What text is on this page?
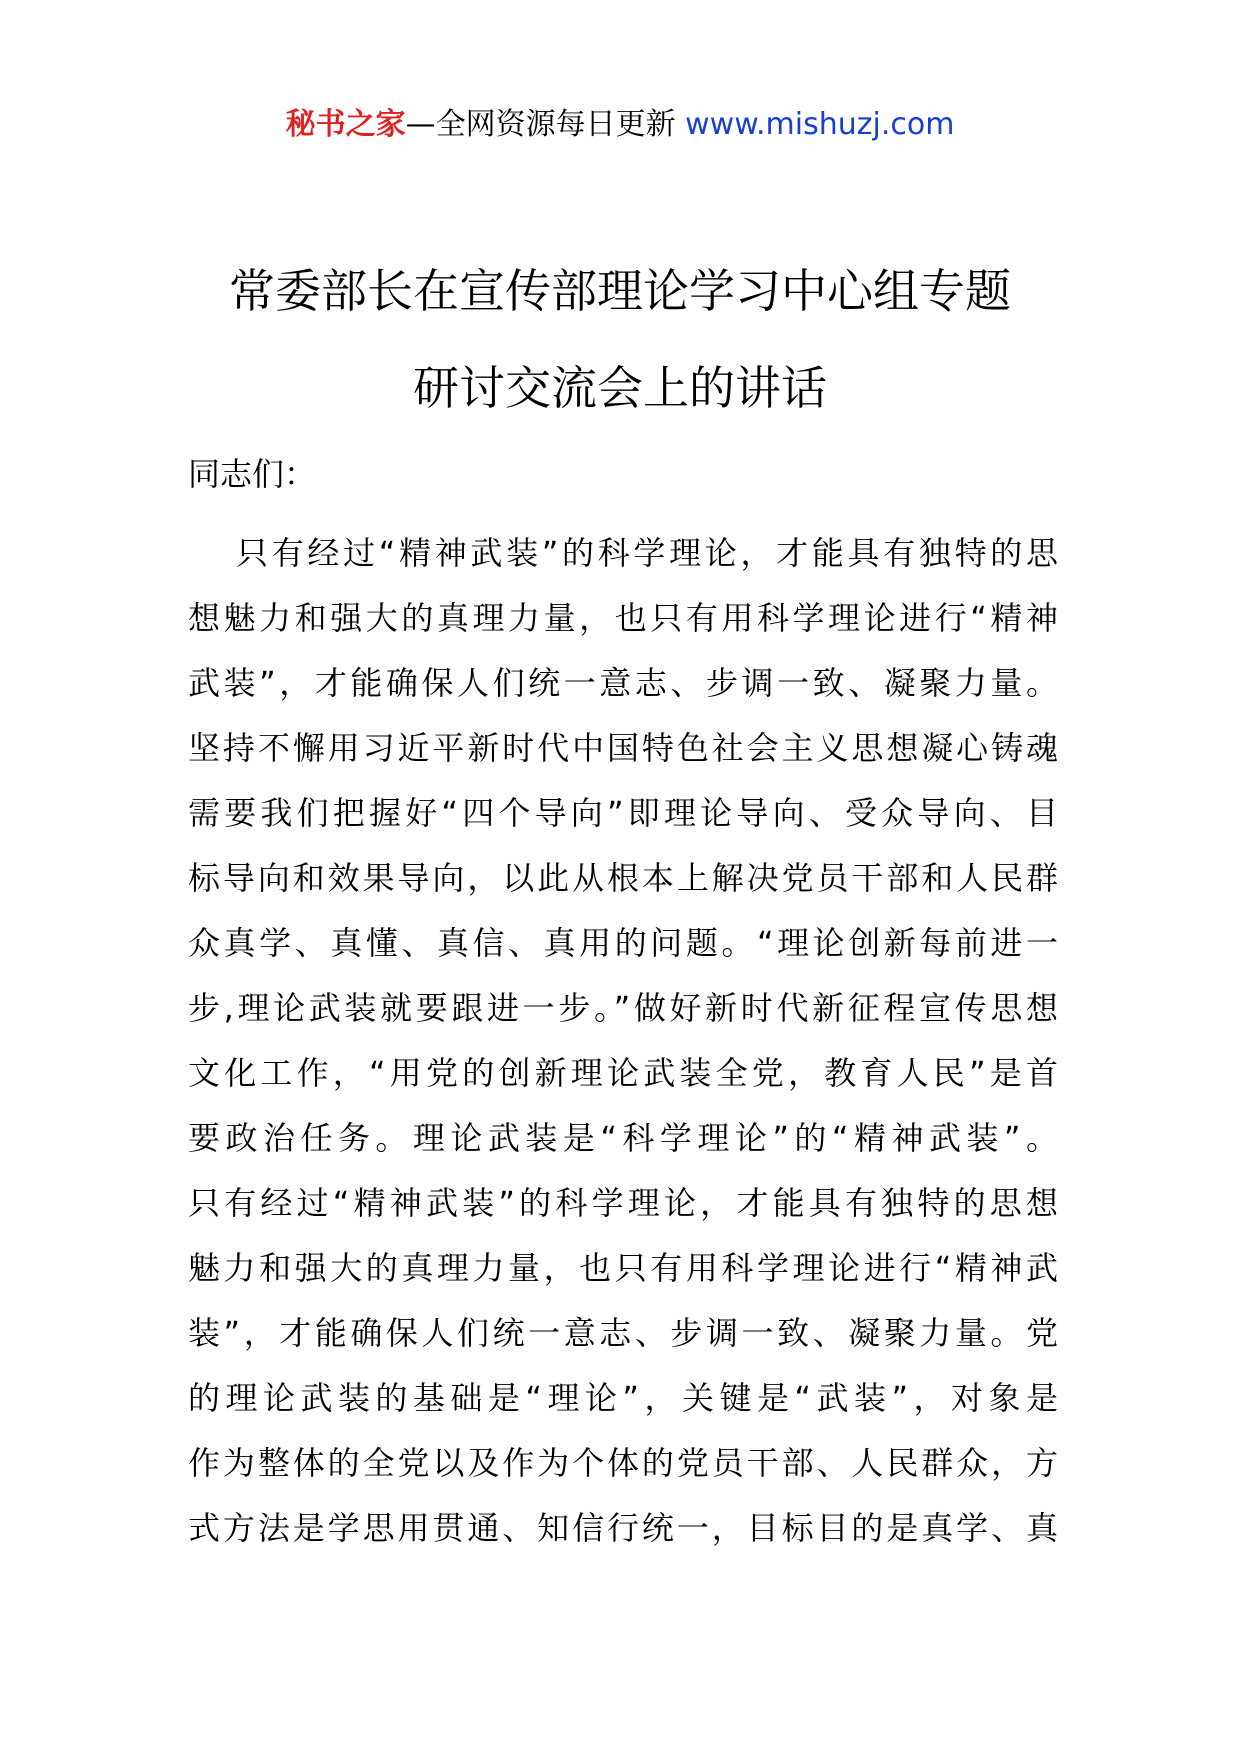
秘书之家—全网资源每日更新 www.mishuzj.com
常委部长在宣传部理论学习中心组专题
研讨交流会上的讲话
同志们：
只有经过“精神武装”的科学理论，才能具有独特的思
想魅力和强大的真理力量，也只有用科学理论进行“精神
武装”，才能确保人们统一意志、步调一致、凝聚力量。
坚持不懈用习近平新时代中国特色社会主义思想凝心铸魂
需要我们把握好“四个导向”即理论导向、受众导向、目
标导向和效果导向，以此从根本上解决党员干部和人民群
众真学、真懂、真信、真用的问题。“理论创新每前进一
步,理论武装就要跟进一步。”做好新时代新征程宣传思想
文化工作，“用党的创新理论武装全党，教育人民”是首
要政治任务。理论武装是“科学理论”的“精神武装”。
只有经过“精神武装”的科学理论，才能具有独特的思想
魅力和强大的真理力量，也只有用科学理论进行“精神武
装”，才能确保人们统一意志、步调一致、凝聚力量。党
的理论武装的基础是“理论”，关键是“武装”，对象是
作为整体的全党以及作为个体的党员干部、人民群众，方
式方法是学思用贯通、知信行统一，目标目的是真学、真
